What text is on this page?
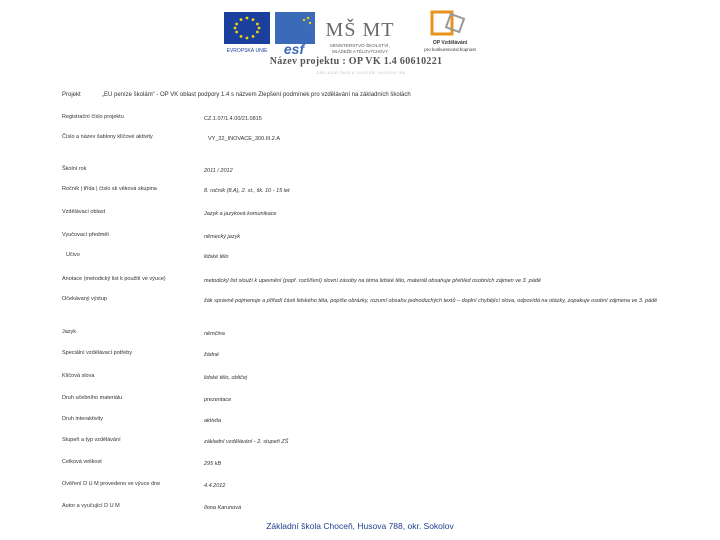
EVROPSKÁ UNIE esf
MŠ MT
MINISTERSTVO ŠKOLSTVÍ,
MLÁDEŽE A TĚLOVÝCHOVY
OP Vzdělávání
pro konkurenceschopnost
Název projektu : OP VK 1.4 60610221
ZÁKLADNÍ ŠKOLA CHOCEŇ, HUSOVA 788
Projekt	„EU peníze školám“ - OP VK oblast podpory 1.4 s názvem Zlepšení podmínek pro vzdělávání na základních školách
Registrační číslo projektu	CZ.1.07/1.4.00/21.0815
Číslo a název šablony klíčové aktivity	VY_32_INOVACE_300.III.2.A
Školní rok	2011 / 2012
Ročník | třída | číslo sk věková skupina	8. ročník (8.A), 2. st., šk. 10 - 15 let
Vzdělávací oblast	Jazyk a jazyková komunikace
Vyučovací předmět	německý jazyk
Učivo	lidské tělo
Anotace (metodický list k použití ve výuce)	metodický list slouží k upevnění (popř. rozšíření) slovní zásoby na téma lidské tělo, materiál obsahuje přehled osobních zájmen ve 3. pádě
Očekávaný výstup	žák správně pojmenuje a přiřadí části lidského těla, popíše obrázky, rozumí obsahu jednoduchých textů – doplní chybějící slova, odpovídá na otázky, zopakuje osobní zájmena ve 3. pádě
Jazyk	němčina
Speciální vzdělávací potřeby	žádné
Klíčová slova	lidské tělo, obličej
Druh učebního materiálu	prezentace
Druh interaktivity	aktivita
Stupeň a typ vzdělávání	základní vzdělávání - 2. stupeň ZŠ
Celková velikost	295 kB
Ověření D U M provedeno ve výuce dne	4.4.2012
Autor a vyučující D U M	Ilona Karunová
Základní škola Choceň, Husova 788, okr. Sokolov
